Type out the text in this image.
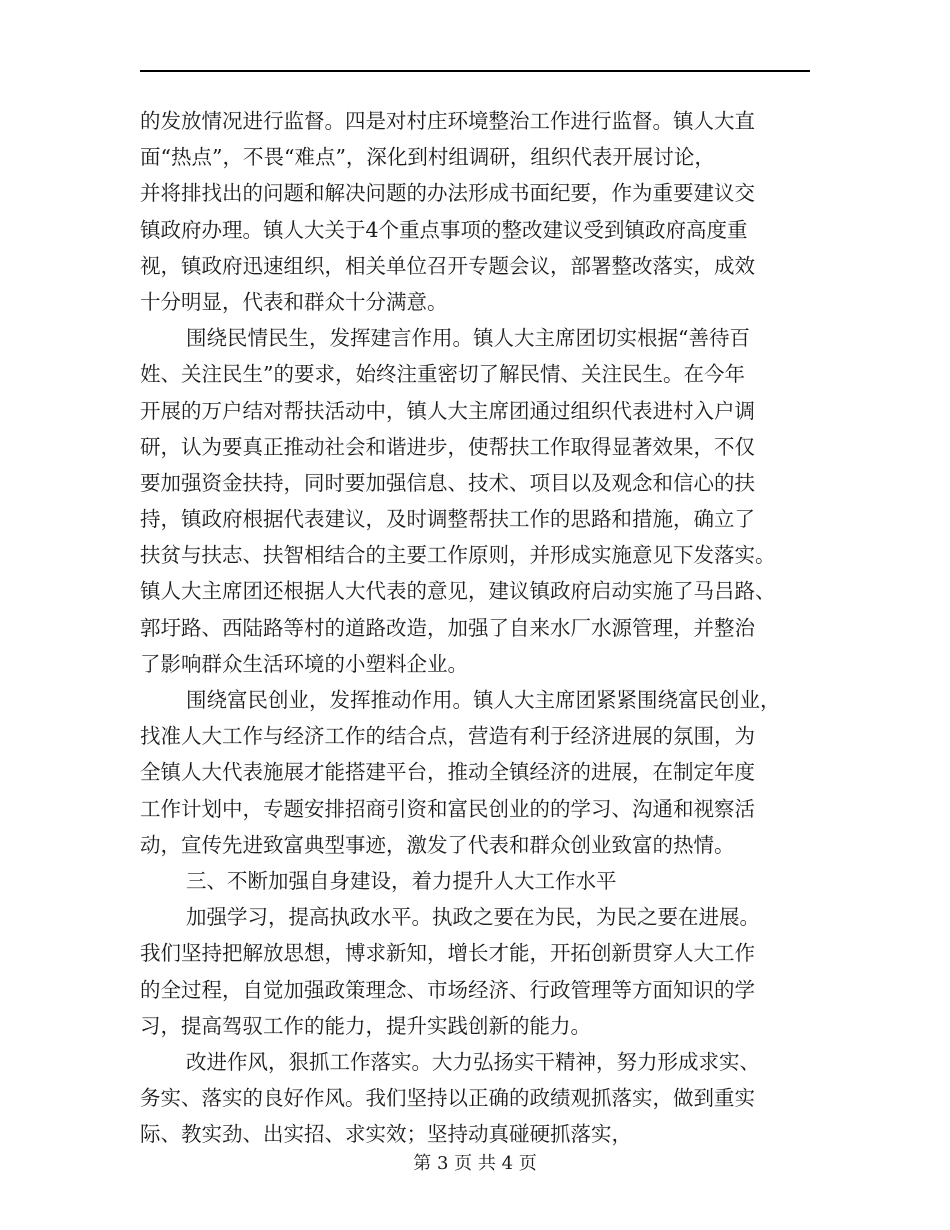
的发放情况进行监督。四是对村庄环境整治工作进行监督。镇人大直
面“热点”，不畏“难点”，深化到村组调研，组织代表开展讨论，
并将排找出的问题和解决问题的办法形成书面纪要，作为重要建议交
镇政府办理。镇人大关于4个重点事项的整改建议受到镇政府高度重
视，镇政府迅速组织，相关单位召开专题会议，部署整改落实，成效
十分明显，代表和群众十分满意。
围绕民情民生，发挥建言作用。镇人大主席团切实根据“善待百
姓、关注民生”的要求，始终注重密切了解民情、关注民生。在今年
开展的万户结对帮扶活动中，镇人大主席团通过组织代表进村入户调
研，认为要真正推动社会和谐进步，使帮扶工作取得显著效果，不仅
要加强资金扶持，同时要加强信息、技术、项目以及观念和信心的扶
持，镇政府根据代表建议，及时调整帮扶工作的思路和措施，确立了
扶贫与扶志、扶智相结合的主要工作原则，并形成实施意见下发落实。
镇人大主席团还根据人大代表的意见，建议镇政府启动实施了马吕路、
郭圩路、西陆路等村的道路改造，加强了自来水厂水源管理，并整治
了影响群众生活环境的小塑料企业。
围绕富民创业，发挥推动作用。镇人大主席团紧紧围绕富民创业，
找准人大工作与经济工作的结合点，营造有利于经济进展的氛围，为
全镇人大代表施展才能搭建平台，推动全镇经济的进展，在制定年度
工作计划中，专题安排招商引资和富民创业的的学习、沟通和视察活
动，宣传先进致富典型事迹，激发了代表和群众创业致富的热情。
三、不断加强自身建设，着力提升人大工作水平
加强学习，提高执政水平。执政之要在为民，为民之要在进展。
我们坚持把解放思想，博求新知，增长才能，开拓创新贯穿人大工作
的全过程，自觉加强政策理念、市场经济、行政管理等方面知识的学
习，提高驾驭工作的能力，提升实践创新的能力。
改进作风，狠抓工作落实。大力弘扬实干精神，努力形成求实、
务实、落实的良好作风。我们坚持以正确的政绩观抓落实，做到重实
际、教实劲、出实招、求实效；坚持动真碰硬抓落实，
第 3 页 共 4 页
